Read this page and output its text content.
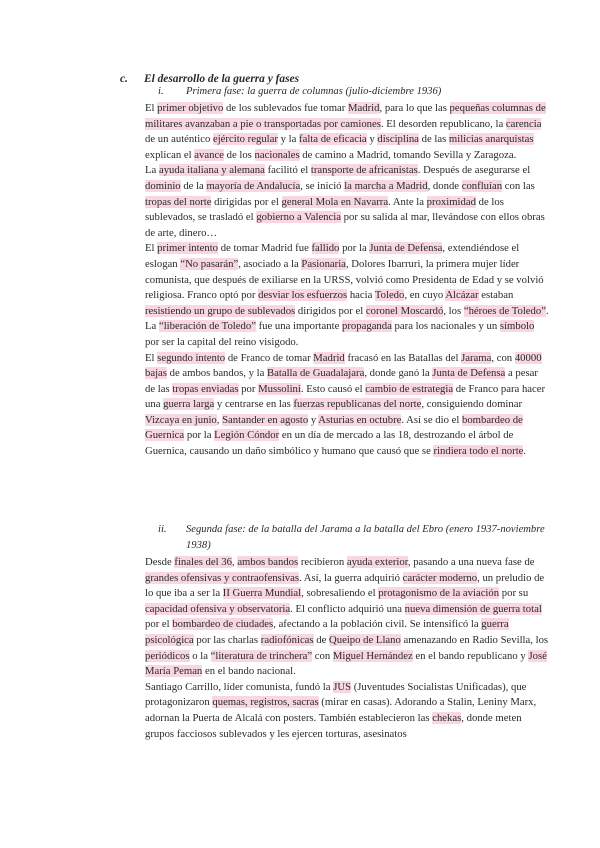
c. El desarrollo de la guerra y fases
i. Primera fase: la guerra de columnas (julio-diciembre 1936)

El primer objetivo de los sublevados fue tomar Madrid, para lo que las pequeñas columnas de militares avanzaban a pie o transportadas por camiones. El desorden republicano, la carencia de un auténtico ejército regular y la falta de eficacia y disciplina de las milicias anarquistas explican el avance de los nacionales de camino a Madrid, tomando Sevilla y Zaragoza.

La ayuda italiana y alemana facilitó el transporte de africanistas. Después de asegurarse el dominio de la mayoría de Andalucía, se inició la marcha a Madrid, donde confluían con las tropas del norte dirigidas por el general Mola en Navarra. Ante la proximidad de los sublevados, se trasladó el gobierno a Valencia por su salida al mar, llevándose con ellos obras de arte, dinero…

El primer intento de tomar Madrid fue fallido por la Junta de Defensa, extendiéndose el eslogan “No pasarán”, asociado a la Pasionaria, Dolores Ibarruri, la primera mujer líder comunista, que después de exiliarse en la URSS, volvió como Presidenta de Edad y se volvió religiosa. Franco optó por desviar los esfuerzos hacia Toledo, en cuyo Alcázar estaban resistiendo un grupo de sublevados dirigidos por el coronel Moscardó, los “héroes de Toledo”. La “liberación de Toledo” fue una importante propaganda para los nacionales y un símbolo por ser la capital del reino visigodo.

El segundo intento de Franco de tomar Madrid fracasó en las Batallas del Jarama, con 40000 bajas de ambos bandos, y la Batalla de Guadalajara, donde ganó la Junta de Defensa a pesar de las tropas enviadas por Mussolini. Esto causó el cambio de estrategia de Franco para hacer una guerra larga y centrarse en las fuerzas republicanas del norte, consiguiendo dominar Vizcaya en junio, Santander en agosto y Asturias en octubre. Así se dio el bombardeo de Guernica por la Legión Cóndor en un día de mercado a las 18, destrozando el árbol de Guernica, causando un daño simbólico y humano que causó que se rindiera todo el norte.

ii. Segunda fase: de la batalla del Jarama a la batalla del Ebro (enero 1937-noviembre
1938)

Desde finales del 36, ambos bandos recibieron ayuda exterior, pasando a una nueva fase de grandes ofensivas y contraofensivas. Así, la guerra adquirió carácter moderno, un preludio de lo que iba a ser la II Guerra Mundial, sobresaliendo el protagonismo de la aviación por su capacidad ofensiva y observatoria. El conflicto adquirió una nueva dimensión de guerra total por el bombardeo de ciudades, afectando a la población civil. Se intensificó la guerra psicológica por las charlas radiofónicas de Queipo de Llano amenazando en Radio Sevilla, los periódicos o la “literatura de trinchera” con Miguel Hernández en el bando republicano y José María Peman en el bando nacional.

Santiago Carrillo, líder comunista, fundó la JUS (Juventudes Socialistas Unificadas), que protagonizaron quemas, registros, sacras (mirar en casas). Adorando a Stalin, Leniny Marx, adornan la Puerta de Alcalá con posters. También establecieron las chekas, donde meten grupos facciosos sublevados y les ejercen torturas, asesinatos
